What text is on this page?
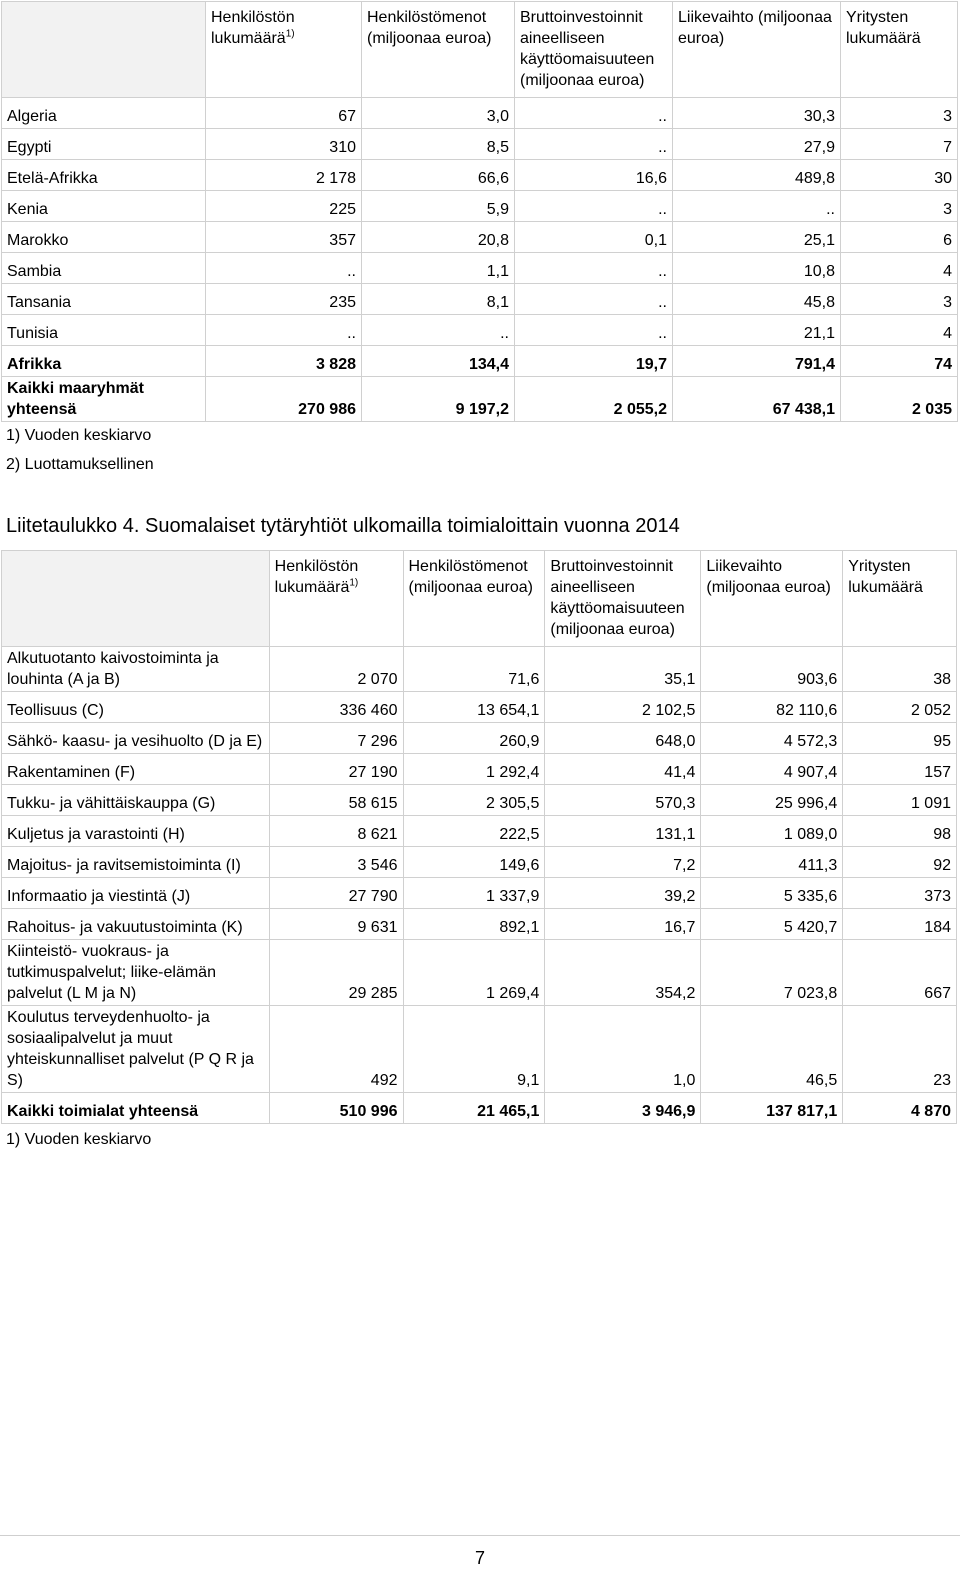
	Henkilöstön lukumäärä$^{1)}$	Henkilöstömenot (miljoonaa euroa)	Bruttoinvestoinnit aineelliseen käyttöomaisuuteen (miljoonaa euroa)	Liikevaihto (miljoonaa euroa)	Yritysten lukumäärä
Algeria	67	3,0	..	30,3	3
Egypti	310	8,5	..	27,9	7
Etelä-Afrikka	2 178	66,6	16,6	489,8	30
Kenia	225	5,9	..	..	3
Marokko	357	20,8	0,1	25,1	6
Sambia	..	1,1	..	10,8	4
Tansania	235	8,1	..	45,8	3
Tunisia	..	..	..	21,1	4
Afrikka	3 828	134,4	19,7	791,4	74
Kaikki maaryhmät yhteensä	270 986	9 197,2	2 055,2	67 438,1	2 035
1) Vuoden keskiarvo
2) Luottamuksellinen
Liitetaulukko 4. Suomalaiset tytäryhtiöt ulkomailla toimialoittain vuonna 2014
	Henkilöstön lukumäärä$^{1)}$	Henkilöstömenot (miljoonaa euroa)	Bruttoinvestoinnit aineelliseen käyttöomaisuuteen (miljoonaa euroa)	Liikevaihto (miljoonaa euroa)	Yritysten lukumäärä
Alkutuotanto kaivostoiminta ja louhinta (A ja B)	2 070	71,6	35,1	903,6	38
Teollisuus (C)	336 460	13 654,1	2 102,5	82 110,6	2 052
Sähkö- kaasu- ja vesihuolto (D ja E)	7 296	260,9	648,0	4 572,3	95
Rakentaminen (F)	27 190	1 292,4	41,4	4 907,4	157
Tukku- ja vähittäiskauppa (G)	58 615	2 305,5	570,3	25 996,4	1 091
Kuljetus ja varastointi (H)	8 621	222,5	131,1	1 089,0	98
Majoitus- ja ravitsemistoiminta (I)	3 546	149,6	7,2	411,3	92
Informaatio ja viestintä (J)	27 790	1 337,9	39,2	5 335,6	373
Rahoitus- ja vakuutustoiminta (K)	9 631	892,1	16,7	5 420,7	184
Kiinteistö- vuokraus- ja tutkimuspalvelut; liike-elämän palvelut (L M ja N)	29 285	1 269,4	354,2	7 023,8	667
Koulutus terveydenhuolto- ja sosiaalipalvelut ja muut yhteiskunnalliset palvelut (P Q R ja S)	492	9,1	1,0	46,5	23
Kaikki toimialat yhteensä	510 996	21 465,1	3 946,9	137 817,1	4 870
1) Vuoden keskiarvo
7
